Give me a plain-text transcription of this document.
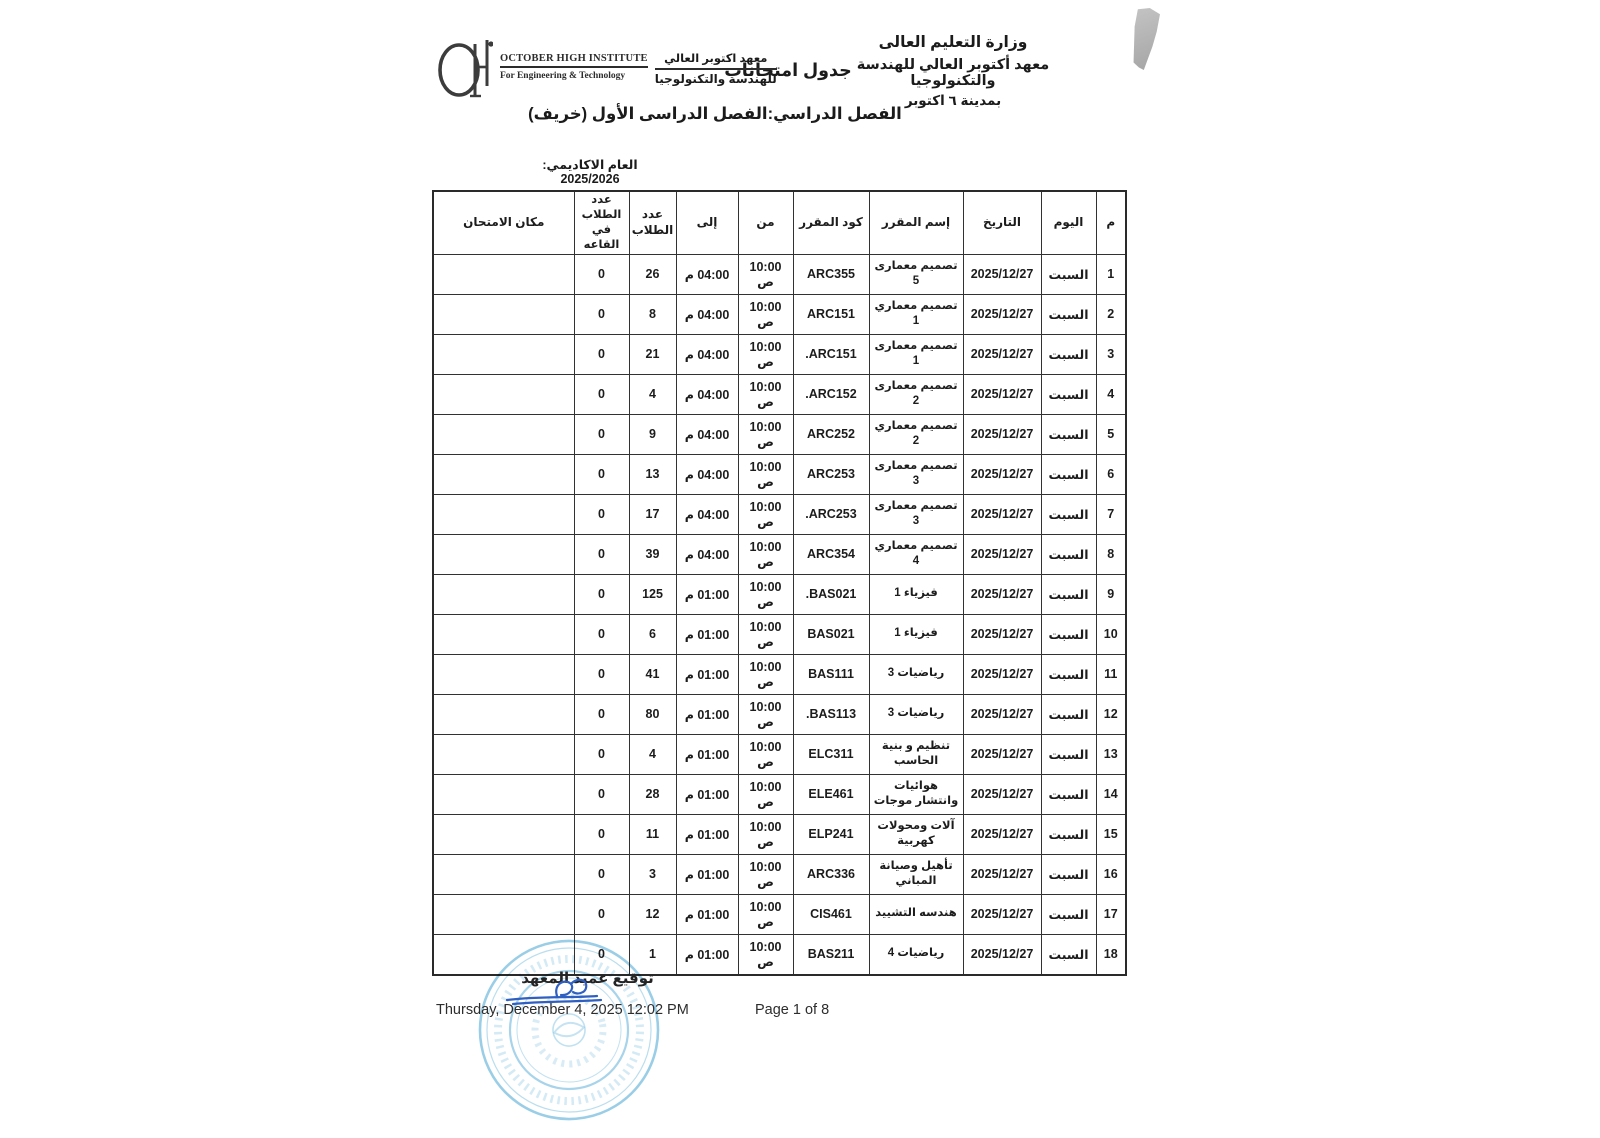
وزارة التعليم العالى
معهد أكتوبر العالي للهندسة والتكنولوجيا
بمدينة ٦ اكتوبر
جدول امتحانات
OCTOBER HIGH INSTITUTE
For Engineering & Technology
معهد اكتوبر العالي
للهندسة والتكنولوجيا
الفصل الدراسي:الفصل الدراسى الأول (خريف)
العام الاكاديمي: 2025/2026
م	اليوم	التاريخ	إسم المقرر	كود المقرر	من	إلى	عدد الطلاب	عدد الطلاب في القاعه	مكان الامتحان
1	السبت	2025/12/27	تصميم معمارى 5	ARC355	10:00 ص	04:00 م	26	0	
2	السبت	2025/12/27	تصميم معماري 1	ARC151	10:00 ص	04:00 م	8	0	
3	السبت	2025/12/27	تصميم معمارى 1	.ARC151	10:00 ص	04:00 م	21	0	
4	السبت	2025/12/27	تصميم معمارى 2	.ARC152	10:00 ص	04:00 م	4	0	
5	السبت	2025/12/27	تصميم معماري 2	ARC252	10:00 ص	04:00 م	9	0	
6	السبت	2025/12/27	تصميم معمارى 3	ARC253	10:00 ص	04:00 م	13	0	
7	السبت	2025/12/27	تصميم معمارى 3	.ARC253	10:00 ص	04:00 م	17	0	
8	السبت	2025/12/27	تصميم معماري 4	ARC354	10:00 ص	04:00 م	39	0	
9	السبت	2025/12/27	فيزياء 1	.BAS021	10:00 ص	01:00 م	125	0	
10	السبت	2025/12/27	فيزياء 1	BAS021	10:00 ص	01:00 م	6	0	
11	السبت	2025/12/27	رياضيات 3	BAS111	10:00 ص	01:00 م	41	0	
12	السبت	2025/12/27	رياضيات 3	.BAS113	10:00 ص	01:00 م	80	0	
13	السبت	2025/12/27	تنظيم و بنية الحاسب	ELC311	10:00 ص	01:00 م	4	0	
14	السبت	2025/12/27	هوائيات وانتشار موجات	ELE461	10:00 ص	01:00 م	28	0	
15	السبت	2025/12/27	آلات ومحولات كهربية	ELP241	10:00 ص	01:00 م	11	0	
16	السبت	2025/12/27	تأهيل وصيانة المباني	ARC336	10:00 ص	01:00 م	3	0	
17	السبت	2025/12/27	هندسه التشييد	CIS461	10:00 ص	01:00 م	12	0	
18	السبت	2025/12/27	رياضيات 4	BAS211	10:00 ص	01:00 م	1	0	
توقيع عميد المعهد
Thursday, December 4, 2025 12:02 PM	Page 1 of 8
